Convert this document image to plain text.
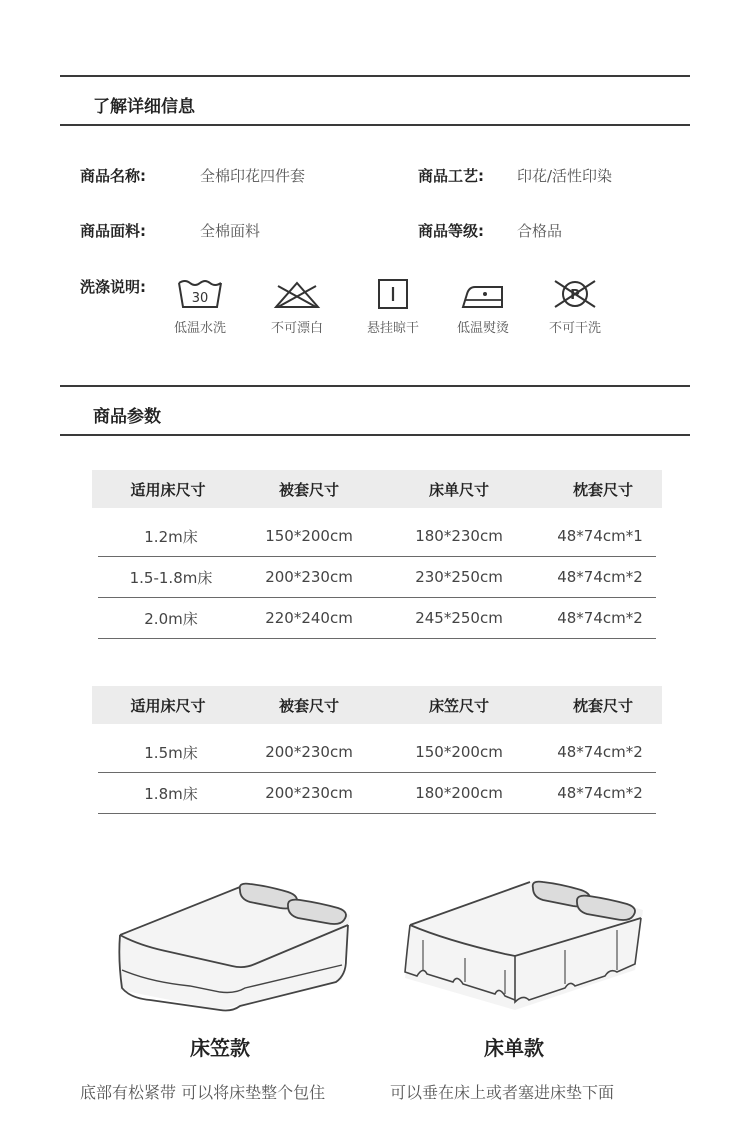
了解详细信息
商品名称:	全棉印花四件套	商品工艺: 印花/活性印染
商品面料:	全棉面料	商品等级: 合格品
洗涤说明:
30
低温水洗	不可漂白	悬挂晾干	低温熨烫
P
不可干洗
商品参数
适用床尺寸	被套尺寸	床单尺寸	枕套尺寸
1.2m床	150*200cm	180*230cm	48*74cm*1
1.5-1.8m床	200*230cm	230*250cm	48*74cm*2
2.0m床	220*240cm	245*250cm	48*74cm*2
适用床尺寸	被套尺寸	床笠尺寸	枕套尺寸
1.5m床	200*230cm	150*200cm	48*74cm*2
1.8m床	200*230cm	180*200cm	48*74cm*2
床笠款	床单款
底部有松紧带 可以将床垫整个包住	可以垂在床上或者塞进床垫下面
